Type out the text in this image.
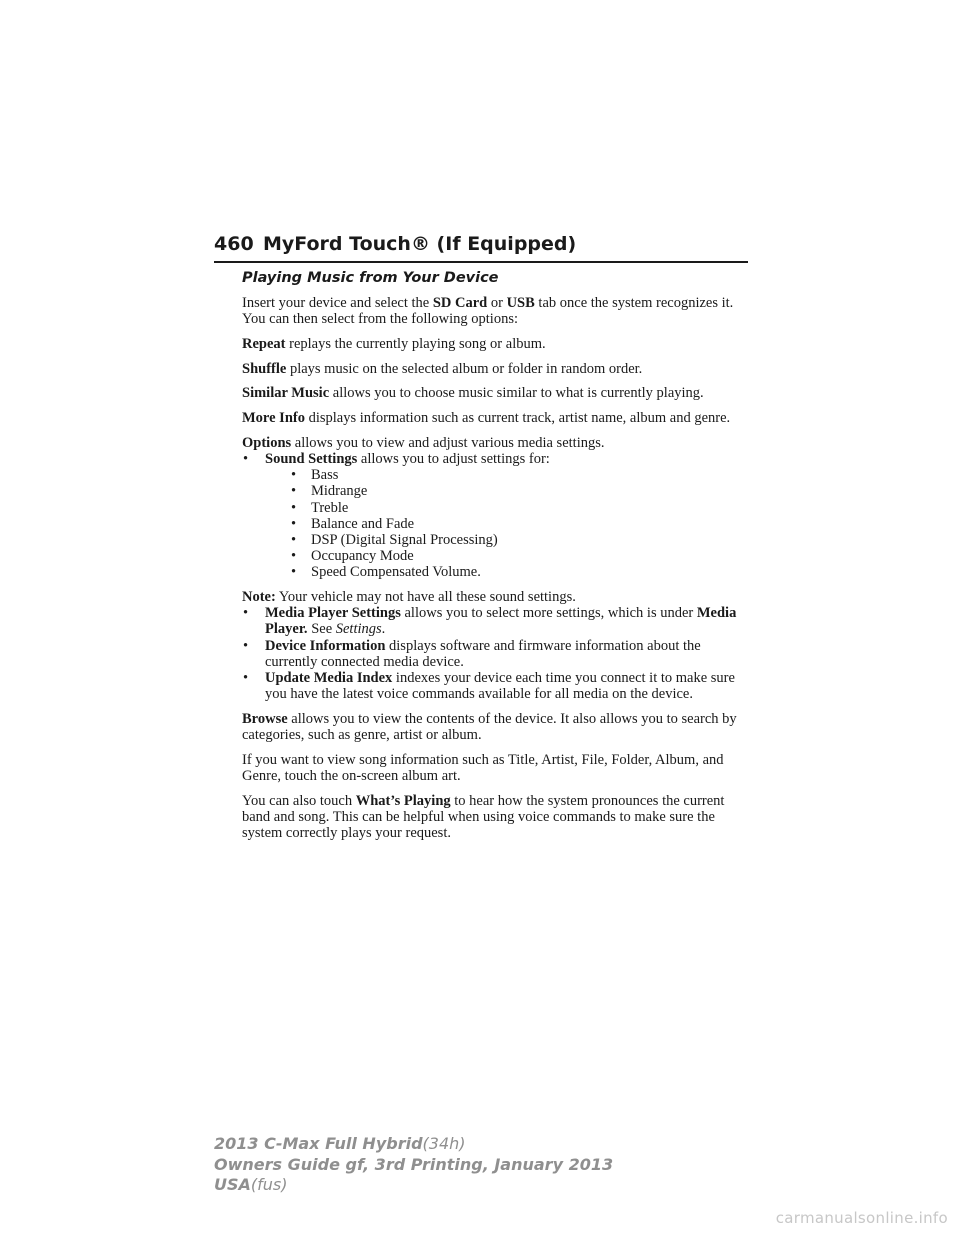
460 MyFord Touch® (If Equipped)
Playing Music from Your Device

Insert your device and select the SD Card or USB tab once the system recognizes it. You can then select from the following options:

Repeat replays the currently playing song or album.

Shuffle plays music on the selected album or folder in random order.

Similar Music allows you to choose music similar to what is currently playing.

More Info displays information such as current track, artist name, album and genre.

Options allows you to view and adjust various media settings.
• Sound Settings allows you to adjust settings for:
• Bass
• Midrange
• Treble
• Balance and Fade
• DSP (Digital Signal Processing)
• Occupancy Mode
• Speed Compensated Volume.
Note: Your vehicle may not have all these sound settings.
• Media Player Settings allows you to select more settings, which is under Media Player. See Settings.
• Device Information displays software and firmware information about the currently connected media device.
• Update Media Index indexes your device each time you connect it to make sure you have the latest voice commands available for all media on the device.

Browse allows you to view the contents of the device. It also allows you to search by categories, such as genre, artist or album.

If you want to view song information such as Title, Artist, File, Folder, Album, and Genre, touch the on-screen album art.

You can also touch What’s Playing to hear how the system pronounces the current band and song. This can be helpful when using voice commands to make sure the system correctly plays your request.

2013 C-Max Full Hybrid(34h)
Owners Guide gf, 3rd Printing, January 2013
USA(fus)
carmanualsonline.info
